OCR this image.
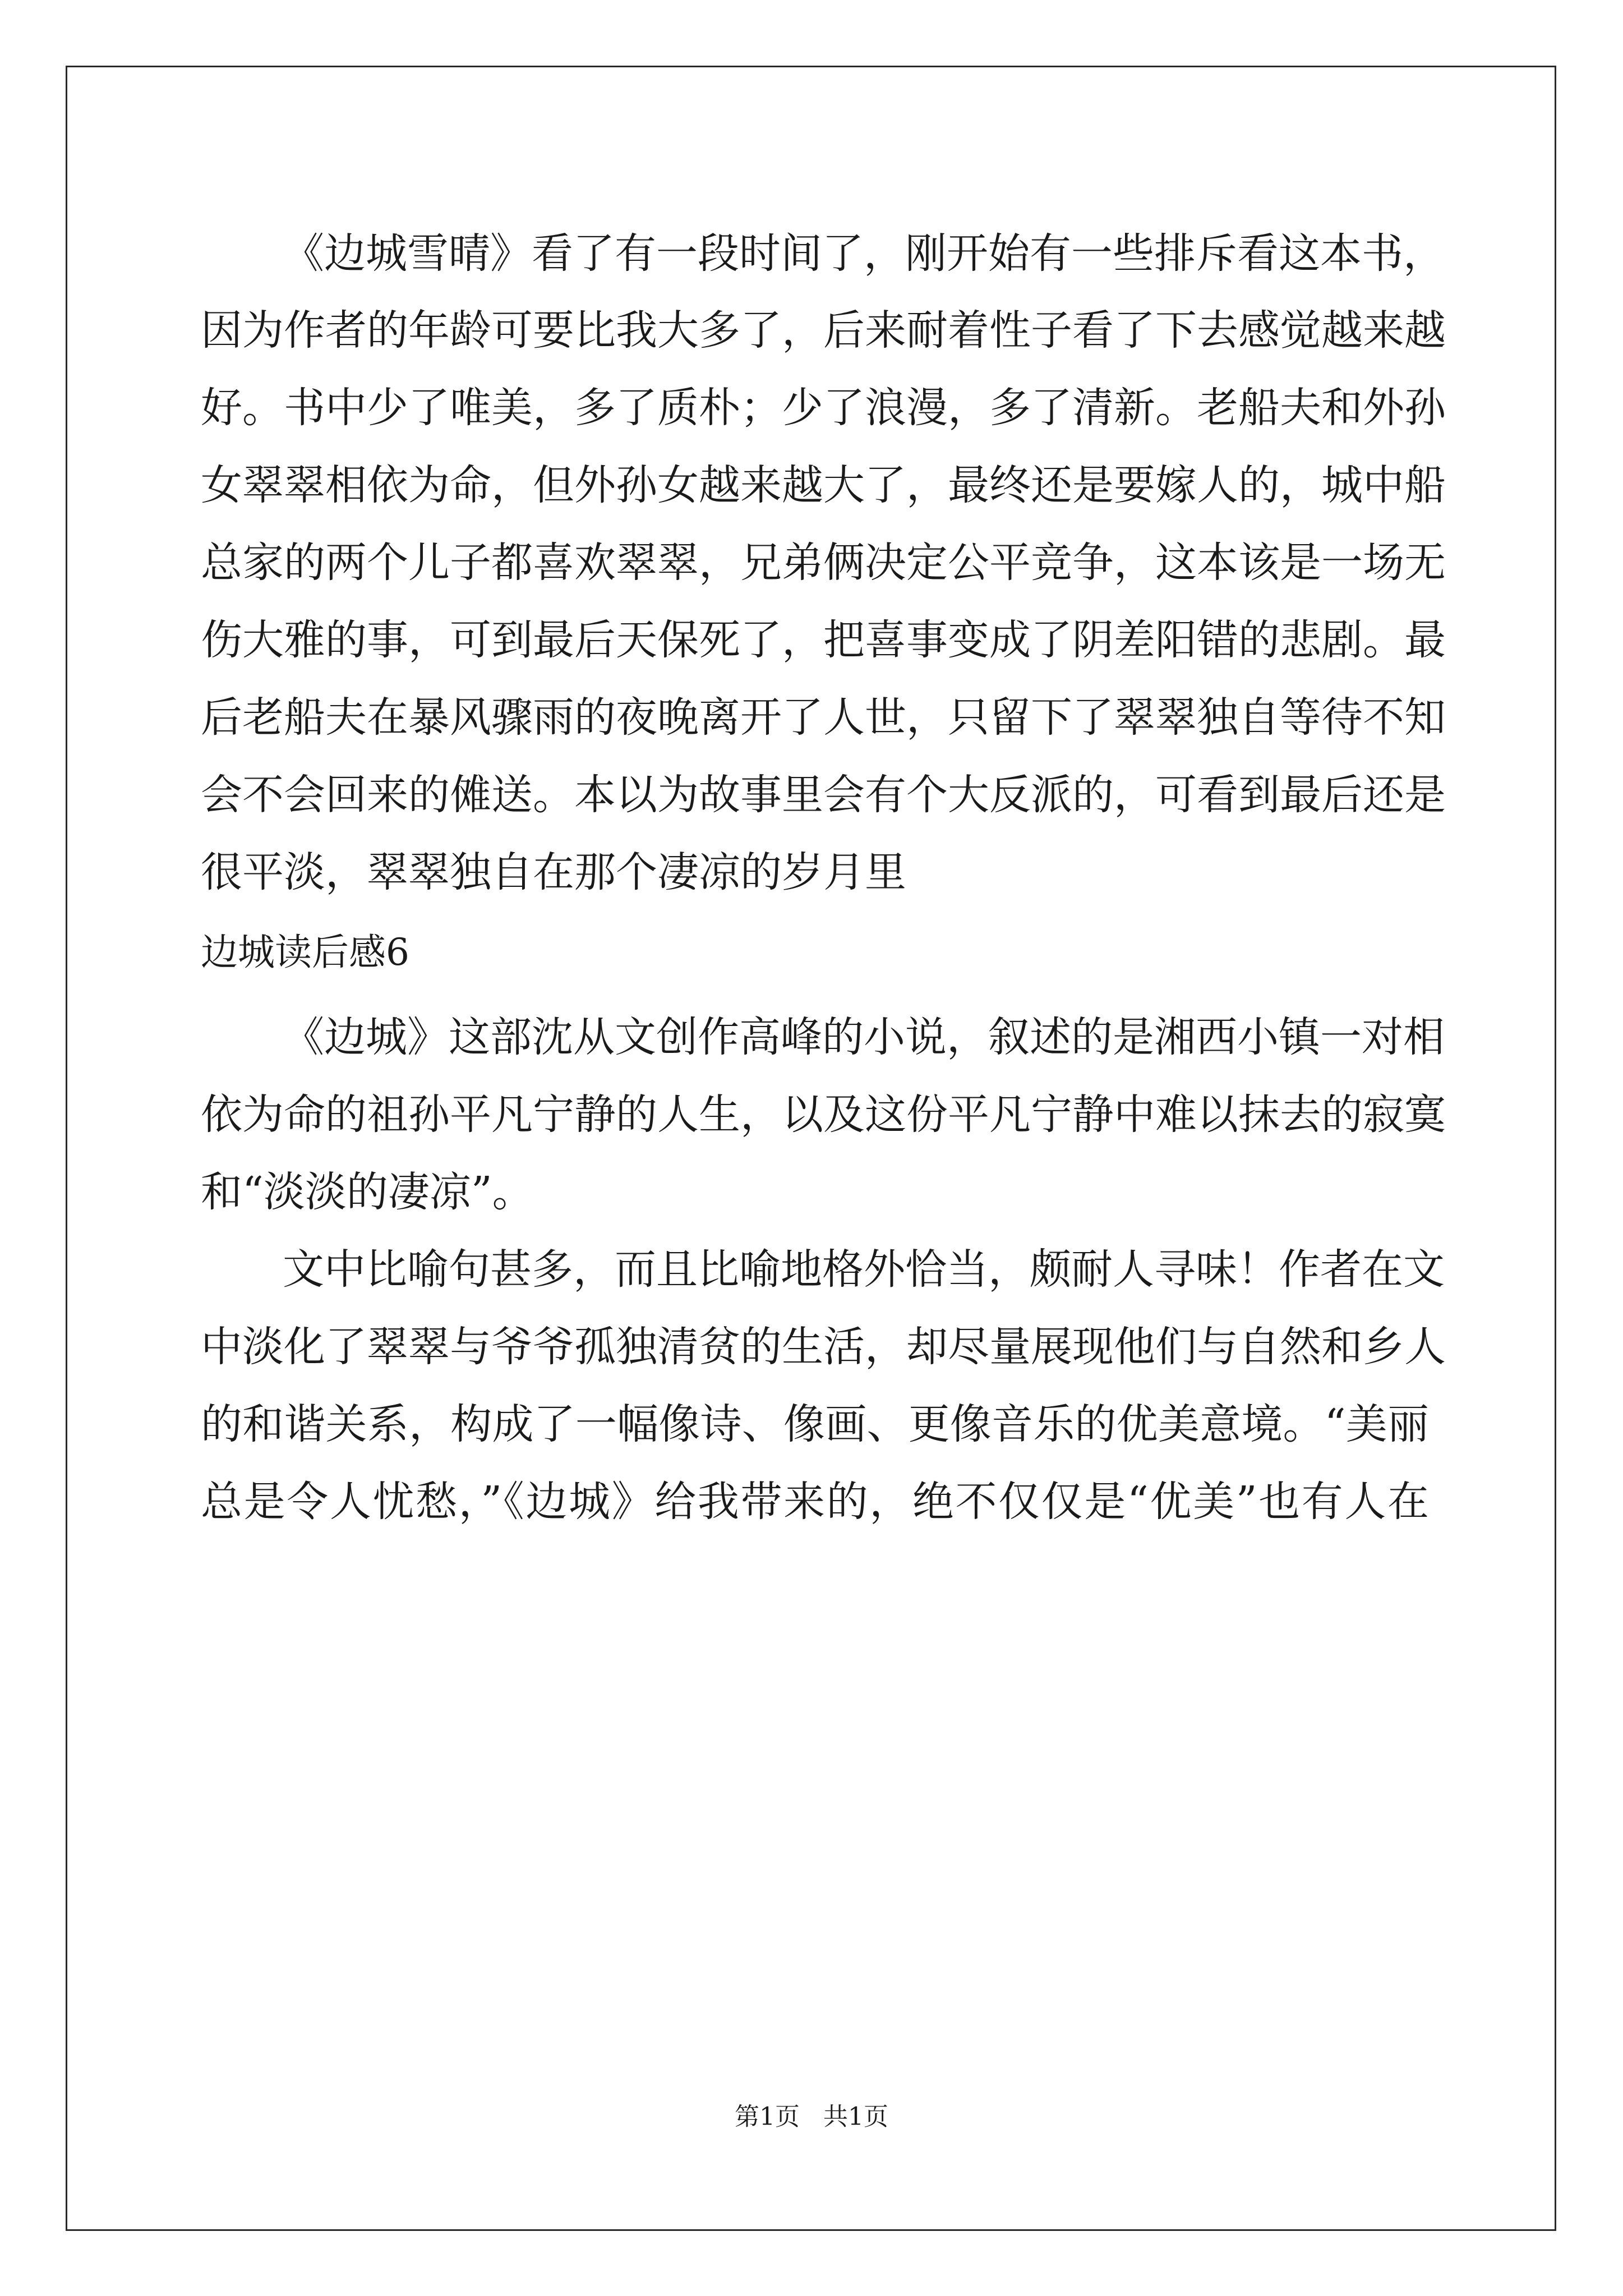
《边城雪晴》看了有一段时间了，刚开始有一些排斥看这本书，
因为作者的年龄可要比我大多了，后来耐着性子看了下去感觉越来越
好。书中少了唯美，多了质朴；少了浪漫，多了清新。老船夫和外孙
女翠翠相依为命，但外孙女越来越大了，最终还是要嫁人的，城中船
总家的两个儿子都喜欢翠翠，兄弟俩决定公平竞争，这本该是一场无
伤大雅的事，可到最后天保死了，把喜事变成了阴差阳错的悲剧。最
后老船夫在暴风骤雨的夜晚离开了人世，只留下了翠翠独自等待不知
会不会回来的傩送。本以为故事里会有个大反派的，可看到最后还是
很平淡，翠翠独自在那个凄凉的岁月里
边城读后感6
《边城》这部沈从文创作高峰的小说，叙述的是湘西小镇一对相
依为命的祖孙平凡宁静的人生，以及这份平凡宁静中难以抹去的寂寞
和“淡淡的凄凉”。
文中比喻句甚多，而且比喻地格外恰当，颇耐人寻味！作者在文
中淡化了翠翠与爷爷孤独清贫的生活，却尽量展现他们与自然和乡人
的和谐关系，构成了一幅像诗、像画、更像音乐的优美意境。“美丽
总是令人忧愁，”《边城》给我带来的，绝不仅仅是“优美”也有人在
第1页   共1页
